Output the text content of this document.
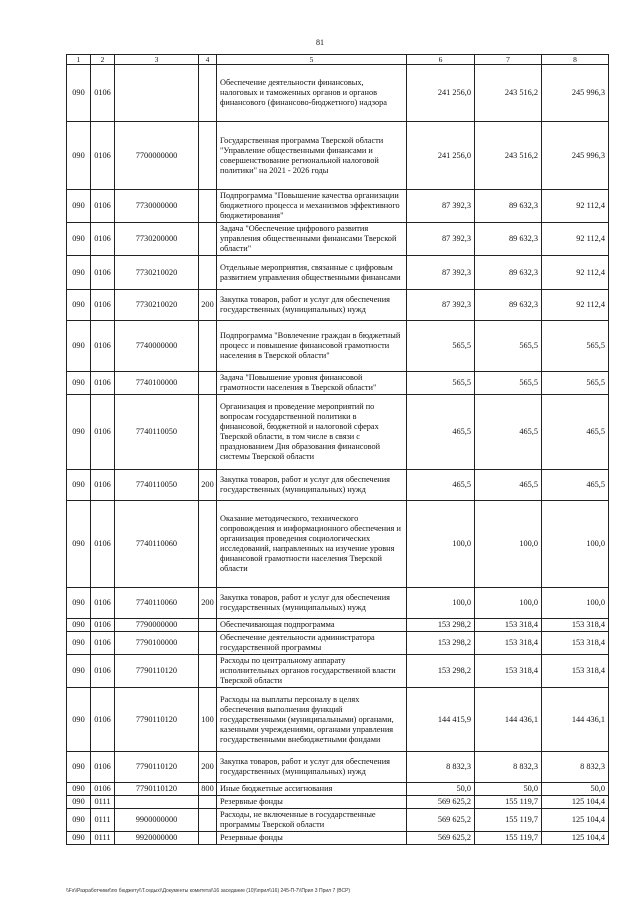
81
1	2	3	4	5	6	7	8
090	0106			Обеспечение деятельности финансовых, налоговых и таможенных органов и органов финансового (финансово-бюджетного) надзора	241 256,0	243 516,2	245 996,3
090	0106	7700000000		Государственная программа Тверской области "Управление общественными финансами и совершенствование региональной налоговой политики" на 2021 - 2026 годы	241 256,0	243 516,2	245 996,3
090	0106	7730000000		Подпрограмма "Повышение качества организации бюджетного процесса и механизмов эффективного бюджетирования"	87 392,3	89 632,3	92 112,4
090	0106	7730200000		Задача "Обеспечение цифрового развития управления общественными финансами Тверской области"	87 392,3	89 632,3	92 112,4
090	0106	7730210020		Отдельные мероприятия, связанные с цифровым развитием управления общественными финансами	87 392,3	89 632,3	92 112,4
090	0106	7730210020	200	Закупка товаров, работ и услуг для обеспечения государственных (муниципальных) нужд	87 392,3	89 632,3	92 112,4
090	0106	7740000000		Подпрограмма "Вовлечение граждан в бюджетный процесс и повышение финансовой грамотности населения в Тверской области"	565,5	565,5	565,5
090	0106	7740100000		Задача "Повышение уровня финансовой грамотности населения в Тверской области"	565,5	565,5	565,5
090	0106	7740110050		Организация и проведение мероприятий по вопросам государственной политики в финансовой, бюджетной и налоговой сферах Тверской области, в том числе в связи с празднованием Дня образования финансовой системы Тверской области	465,5	465,5	465,5
090	0106	7740110050	200	Закупка товаров, работ и услуг для обеспечения государственных (муниципальных) нужд	465,5	465,5	465,5
090	0106	7740110060		Оказание методического, технического сопровождения и информационного обеспечения и организация проведения социологических исследований, направленных на изучение уровня финансовой грамотности населения Тверской области	100,0	100,0	100,0
090	0106	7740110060	200	Закупка товаров, работ и услуг для обеспечения государственных (муниципальных) нужд	100,0	100,0	100,0
090	0106	7790000000		Обеспечивающая подпрограмма	153 298,2	153 318,4	153 318,4
090	0106	7790100000		Обеспечение деятельности администратора государственной программы	153 298,2	153 318,4	153 318,4
090	0106	7790110120		Расходы по центральному аппарату исполнительных органов государственной власти Тверской области	153 298,2	153 318,4	153 318,4
090	0106	7790110120	100	Расходы на выплаты персоналу в целях обеспечения выполнения функций государственными (муниципальными) органами, казенными учреждениями, органами управления государственными внебюджетными фондами	144 415,9	144 436,1	144 436,1
090	0106	7790110120	200	Закупка товаров, работ и услуг для обеспечения государственных (муниципальных) нужд	8 832,3	8 832,3	8 832,3
090	0106	7790110120	800	Иные бюджетные ассигнования	50,0	50,0	50,0
090	0111			Резервные фонды	569 625,2	155 119,7	125 104,4
090	0111	9900000000		Расходы, не включенные в государственные программы Тверской области	569 625,2	155 119,7	125 104,4
090	0111	9920000000		Резервные фонды	569 625,2	155 119,7	125 104,4
\\Fs\\Разработчики\\по бюджету\\Т.седых\\Документы комитета\\16 заседание (10)\\прил\\16) 245-П-7\\Прил 3 Прил 7 (ВСР)
